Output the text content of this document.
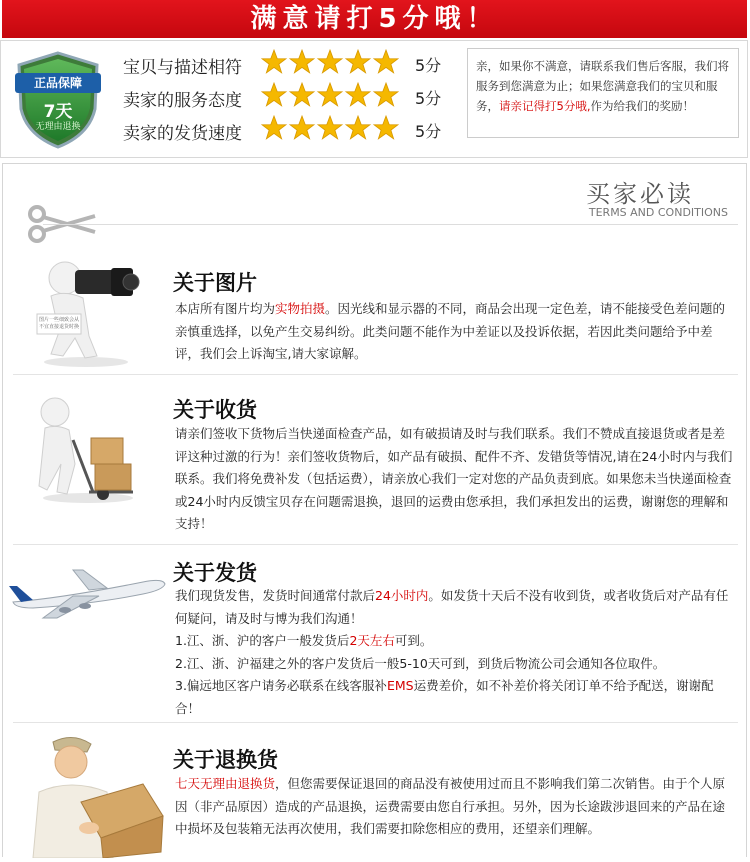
满意请打5分哦！
正品保障
7天
无理由退换
宝贝与描述相符	5分
卖家的服务态度	5分
卖家的发货速度	5分
亲，如果你不满意，请联系我们售后客服，我们将服务到您满意为止；如果您满意我们的宝贝和服务，请亲记得打5分哦,作为给我们的奖励！
买家必读
TERMS AND CONDITIONS
图片一些细致会从
不宜直接退货时换
关于图片
本店所有图片均为实物拍摄。因光线和显示器的不同，商品会出现一定色差，请不能接受色差问题的亲慎重选择，以免产生交易纠纷。此类问题不能作为中差证以及投诉依据，若因此类问题给予中差评，我们会上诉淘宝,请大家谅解。
关于收货
请亲们签收下货物后当快递面检查产品，如有破损请及时与我们联系。我们不赞成直接退货或者是差评这种过激的行为！亲们签收货物后，如产品有破损、配件不齐、发错货等情况,请在24小时内与我们联系。我们将免费补发（包括运费），请亲放心我们一定对您的产品负责到底。如果您未当快递面检查或24小时内反馈宝贝存在问题需退换，退回的运费由您承担，我们承担发出的运费，谢谢您的理解和支持！
关于发货

我们现货发售，发货时间通常付款后24小时内。如发货十天后不没有收到货，或者收货后对产品有任何疑问，请及时与博为我们沟通！

1.江、浙、沪的客户一般发货后2天左右可到。

2.江、浙、沪福建之外的客户发货后一般5-10天可到，到货后物流公司会通知各位取件。

3.偏远地区客户请务必联系在线客服补EMS运费差价，如不补差价将关闭订单不给予配送，谢谢配合！

关于退换货
七天无理由退换货，但您需要保证退回的商品没有被使用过而且不影响我们第二次销售。由于个人原因（非产品原因）造成的产品退换，运费需要由您自行承担。另外，因为长途跋涉退回来的产品在途中损坏及包装箱无法再次使用，我们需要扣除您相应的费用，还望亲们理解。
